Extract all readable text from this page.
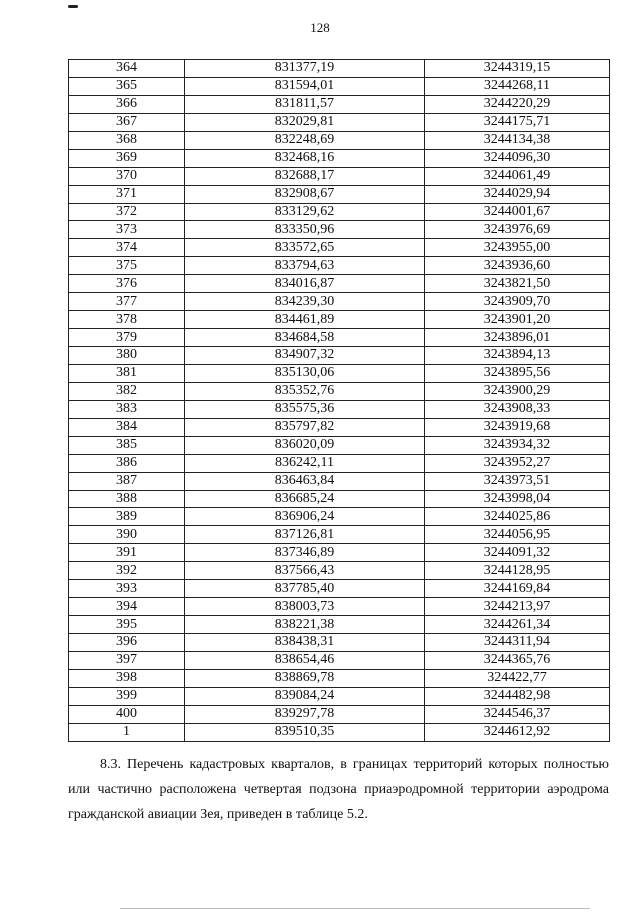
128
364	831377,19	3244319,15
365	831594,01	3244268,11
366	831811,57	3244220,29
367	832029,81	3244175,71
368	832248,69	3244134,38
369	832468,16	3244096,30
370	832688,17	3244061,49
371	832908,67	3244029,94
372	833129,62	3244001,67
373	833350,96	3243976,69
374	833572,65	3243955,00
375	833794,63	3243936,60
376	834016,87	3243821,50
377	834239,30	3243909,70
378	834461,89	3243901,20
379	834684,58	3243896,01
380	834907,32	3243894,13
381	835130,06	3243895,56
382	835352,76	3243900,29
383	835575,36	3243908,33
384	835797,82	3243919,68
385	836020,09	3243934,32
386	836242,11	3243952,27
387	836463,84	3243973,51
388	836685,24	3243998,04
389	836906,24	3244025,86
390	837126,81	3244056,95
391	837346,89	3244091,32
392	837566,43	3244128,95
393	837785,40	3244169,84
394	838003,73	3244213,97
395	838221,38	3244261,34
396	838438,31	3244311,94
397	838654,46	3244365,76
398	838869,78	324422,77
399	839084,24	3244482,98
400	839297,78	3244546,37
1	839510,35	3244612,92

8.3. Перечень кадастровых кварталов, в границах территорий которых полностью или частично расположена четвертая подзона приаэродромной территории аэродрома гражданской авиации Зея, приведен в таблице 5.2.
